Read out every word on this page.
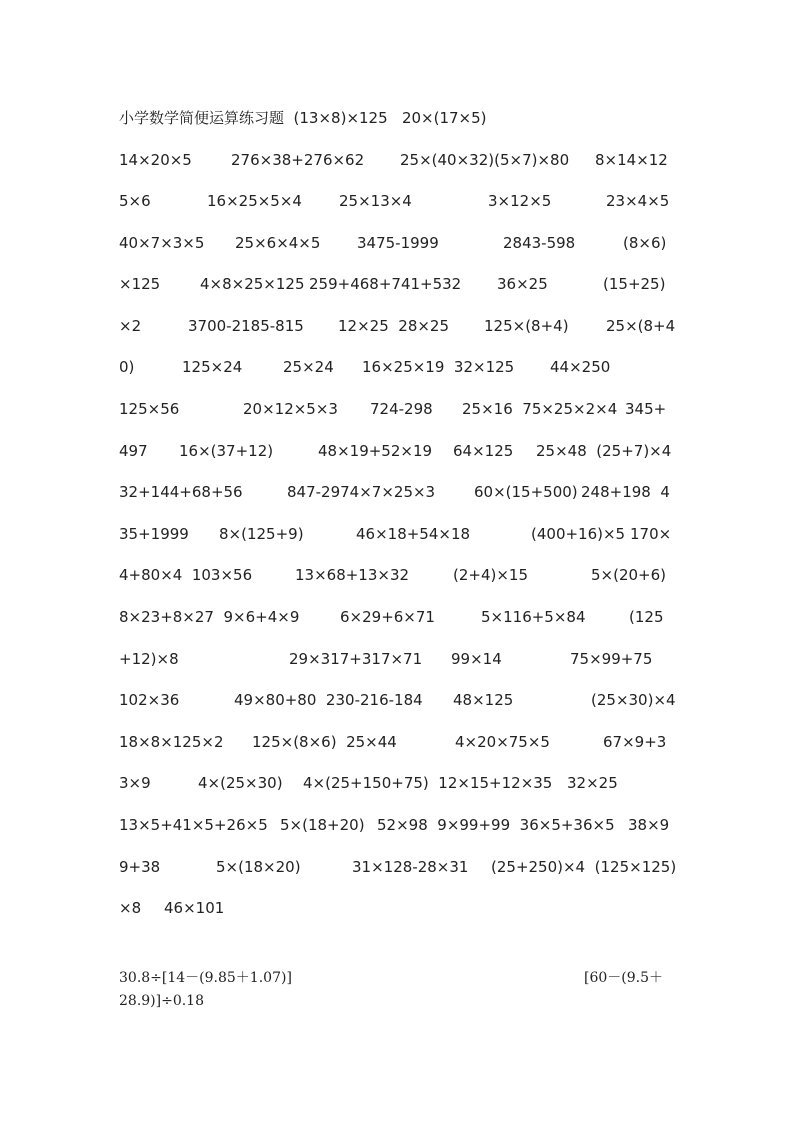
小学数学简便运算练习题  (13×8)×125   20×(17×5)
14×20×5	276×38+276×62 25×(40×32)(5×7)×80 8×14×12
5×6	16×25×5×4 25×13×4	3×12×5	23×4×5
40×7×3×5 25×6×4×5 3475-1999	2843-598	(8×6)
×125	4×8×25×125 259+468+741+532 36×25	(15+25)
×2	3700-2185-815 12×25  28×25 125×(8+4) 25×(8+4
0)	125×24	25×24 16×25×19  32×125 44×250
125×56	20×12×5×3 724-298 25×16  75×25×2×4 345+
497 16×(37+12)	48×19+52×19 64×125 25×48  (25+7)×4
32+144+68+56	847-2974×7×25×3	60×(15+500) 248+198  4
35+1999 8×(125+9)	46×18+54×18	(400+16)×5 170×
4+80×4  103×56	13×68+13×32	(2+4)×15	5×(20+6)
8×23+8×27  9×6+4×9	6×29+6×71	5×116+5×84	(125
+12)×8	29×317+317×71 99×14	75×99+75
102×36	49×80+80  230-216-184 48×125	(25×30)×4
18×8×125×2 125×(8×6)  25×44	4×20×75×5	67×9+3
3×9	4×(25×30) 4×(25+150+75)  12×15+12×35 32×25
13×5+41×5+26×5 5×(18+20) 52×98  9×99+99  36×5+36×5 38×9
9+38	5×(18×20)	31×128-28×31 (25+250)×4  (125×125)
×8 46×101
30.8÷[14－(9.85＋1.07)]	[60－(9.5＋
28.9)]÷0.18
